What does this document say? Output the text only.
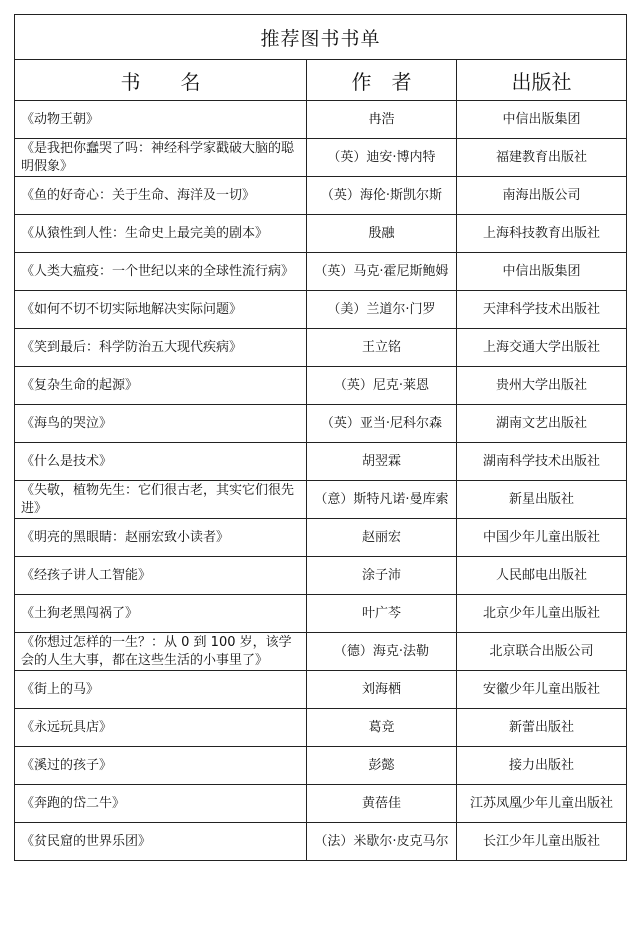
推荐图书书单		
书　　名	作　者	出版社
《动物王朝》	冉浩	中信出版集团
《是我把你蠢哭了吗：神经科学家戳破大脑的聪明假象》	（英）迪安·博内特	福建教育出版社
《鱼的好奇心：关于生命、海洋及一切》	（英）海伦·斯凯尔斯	南海出版公司
《从猿性到人性：生命史上最完美的剧本》	殷融	上海科技教育出版社
《人类大瘟疫：一个世纪以来的全球性流行病》	（英）马克·霍尼斯鲍姆	中信出版集团
《如何不切不切实际地解决实际问题》	（美）兰道尔·门罗	天津科学技术出版社
《笑到最后：科学防治五大现代疾病》	王立铭	上海交通大学出版社
《复杂生命的起源》	（英）尼克·莱恩	贵州大学出版社
《海鸟的哭泣》	（英）亚当·尼科尔森	湖南文艺出版社
《什么是技术》	胡翌霖	湖南科学技术出版社
《失敬，植物先生：它们很古老，其实它们很先进》	（意）斯特凡诺·曼库索	新星出版社
《明亮的黑眼睛：赵丽宏致小读者》	赵丽宏	中国少年儿童出版社
《经孩子讲人工智能》	涂子沛	人民邮电出版社
《土狗老黑闯祸了》	叶广芩	北京少年儿童出版社
《你想过怎样的一生？：从 0 到 100 岁，该学会的人生大事，都在这些生活的小事里了》	（德）海克·法勒	北京联合出版公司
《街上的马》	刘海栖	安徽少年儿童出版社
《永远玩具店》	葛竞	新蕾出版社
《溪过的孩子》	彭懿	接力出版社
《奔跑的岱二牛》	黄蓓佳	江苏凤凰少年儿童出版社
《贫民窟的世界乐团》	（法）米歇尔·皮克马尔	长江少年儿童出版社
